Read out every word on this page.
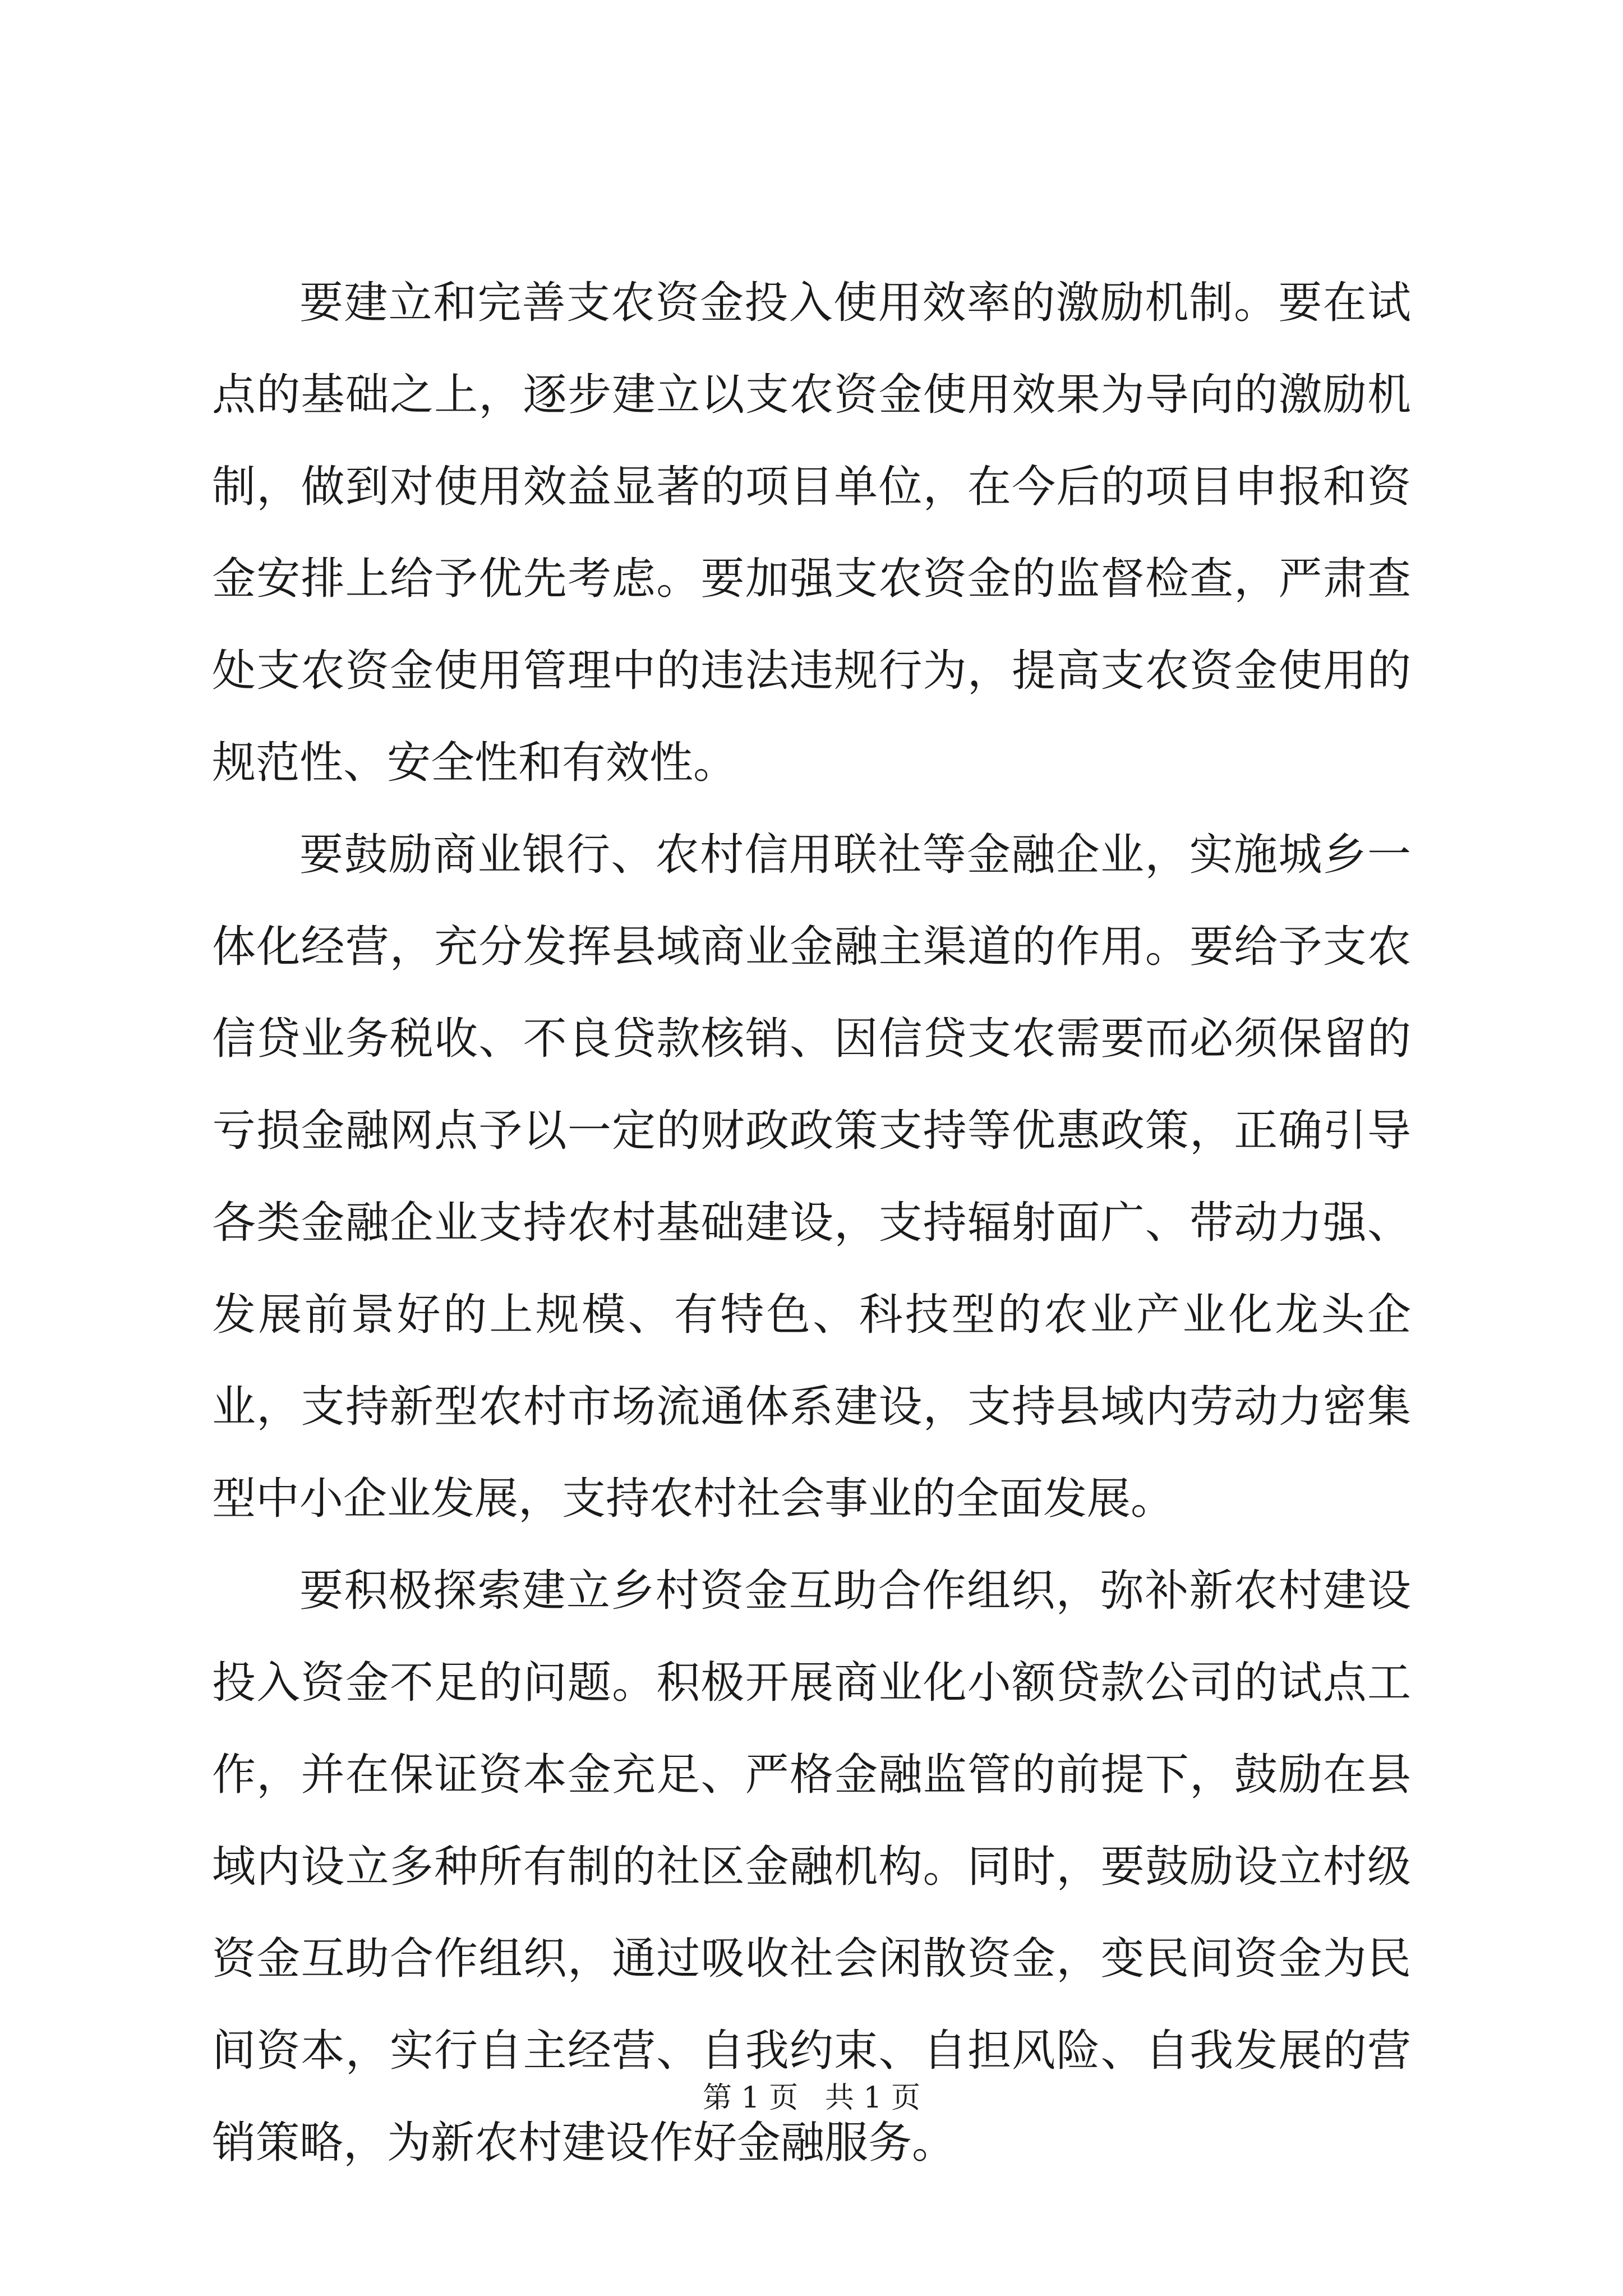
要建立和完善支农资金投入使用效率的激励机制。要在试点的基础之上，逐步建立以支农资金使用效果为导向的激励机制，做到对使用效益显著的项目单位，在今后的项目申报和资金安排上给予优先考虑。要加强支农资金的监督检查，严肃查处支农资金使用管理中的违法违规行为，提高支农资金使用的规范性、安全性和有效性。

要鼓励商业银行、农村信用联社等金融企业，实施城乡一体化经营，充分发挥县域商业金融主渠道的作用。要给予支农信贷业务税收、不良贷款核销、因信贷支农需要而必须保留的亏损金融网点予以一定的财政政策支持等优惠政策，正确引导各类金融企业支持农村基础建设，支持辐射面广、带动力强、发展前景好的上规模、有特色、科技型的农业产业化龙头企业，支持新型农村市场流通体系建设，支持县域内劳动力密集型中小企业发展，支持农村社会事业的全面发展。

要积极探索建立乡村资金互助合作组织，弥补新农村建设投入资金不足的问题。积极开展商业化小额贷款公司的试点工作，并在保证资本金充足、严格金融监管的前提下，鼓励在县域内设立多种所有制的社区金融机构。同时，要鼓励设立村级资金互助合作组织，通过吸收社会闲散资金，变民间资金为民间资本，实行自主经营、自我约束、自担风险、自我发展的营销策略，为新农村建设作好金融服务。

第 1 页 共 1 页
